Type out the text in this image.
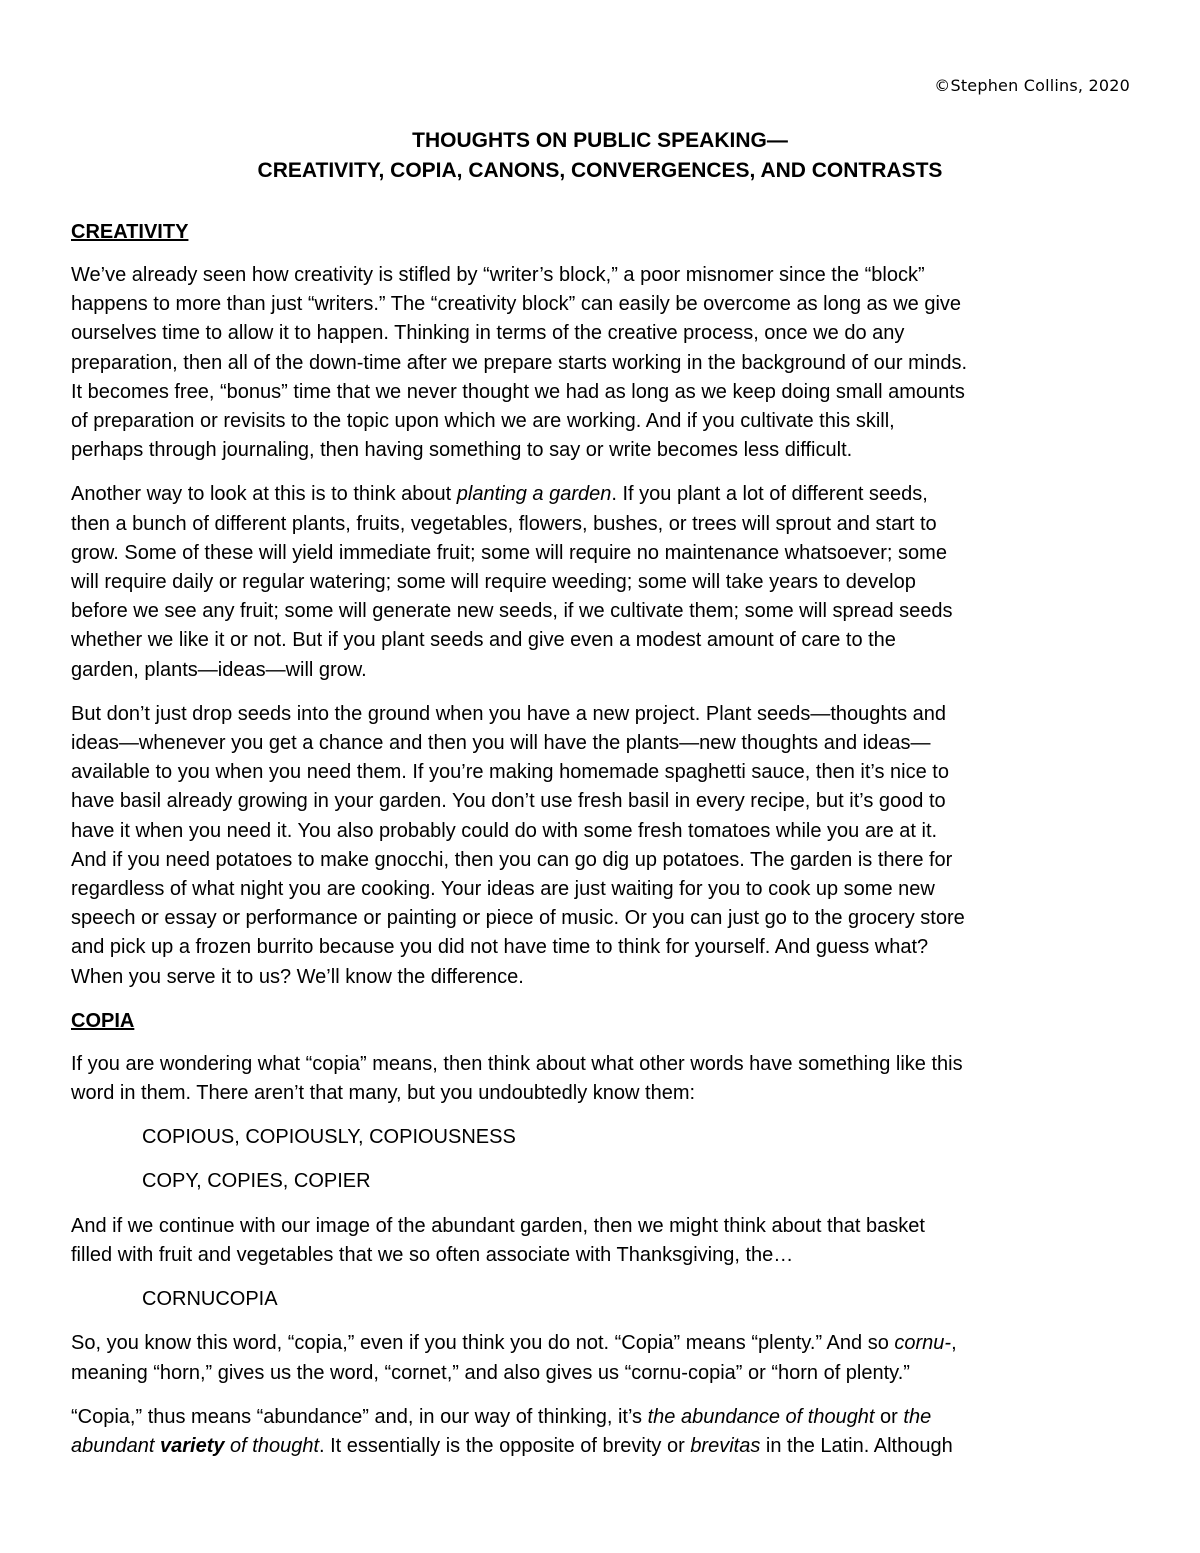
©Stephen Collins, 2020
THOUGHTS ON PUBLIC SPEAKING—
CREATIVITY, COPIA, CANONS, CONVERGENCES, AND CONTRASTS
CREATIVITY
We’ve already seen how creativity is stifled by “writer’s block,” a poor misnomer since the “block”
happens to more than just “writers.” The “creativity block” can easily be overcome as long as we give
ourselves time to allow it to happen. Thinking in terms of the creative process, once we do any
preparation, then all of the down-time after we prepare starts working in the background of our minds.
It becomes free, “bonus” time that we never thought we had as long as we keep doing small amounts
of preparation or revisits to the topic upon which we are working. And if you cultivate this skill,
perhaps through journaling, then having something to say or write becomes less difficult.
Another way to look at this is to think about planting a garden. If you plant a lot of different seeds,
then a bunch of different plants, fruits, vegetables, flowers, bushes, or trees will sprout and start to
grow. Some of these will yield immediate fruit; some will require no maintenance whatsoever; some
will require daily or regular watering; some will require weeding; some will take years to develop
before we see any fruit; some will generate new seeds, if we cultivate them; some will spread seeds
whether we like it or not. But if you plant seeds and give even a modest amount of care to the
garden, plants—ideas—will grow.
But don’t just drop seeds into the ground when you have a new project. Plant seeds—thoughts and
ideas—whenever you get a chance and then you will have the plants—new thoughts and ideas—
available to you when you need them. If you’re making homemade spaghetti sauce, then it’s nice to
have basil already growing in your garden. You don’t use fresh basil in every recipe, but it’s good to
have it when you need it. You also probably could do with some fresh tomatoes while you are at it.
And if you need potatoes to make gnocchi, then you can go dig up potatoes. The garden is there for
regardless of what night you are cooking. Your ideas are just waiting for you to cook up some new
speech or essay or performance or painting or piece of music. Or you can just go to the grocery store
and pick up a frozen burrito because you did not have time to think for yourself. And guess what?
When you serve it to us? We’ll know the difference.
COPIA
If you are wondering what “copia” means, then think about what other words have something like this
word in them. There aren’t that many, but you undoubtedly know them:
COPIOUS, COPIOUSLY, COPIOUSNESS
COPY, COPIES, COPIER
And if we continue with our image of the abundant garden, then we might think about that basket
filled with fruit and vegetables that we so often associate with Thanksgiving, the…
CORNUCOPIA
So, you know this word, “copia,” even if you think you do not. “Copia” means “plenty.” And so cornu-,
meaning “horn,” gives us the word, “cornet,” and also gives us “cornu-copia” or “horn of plenty.”
“Copia,” thus means “abundance” and, in our way of thinking, it’s the abundance of thought or the
abundant variety of thought. It essentially is the opposite of brevity or brevitas in the Latin. Although
